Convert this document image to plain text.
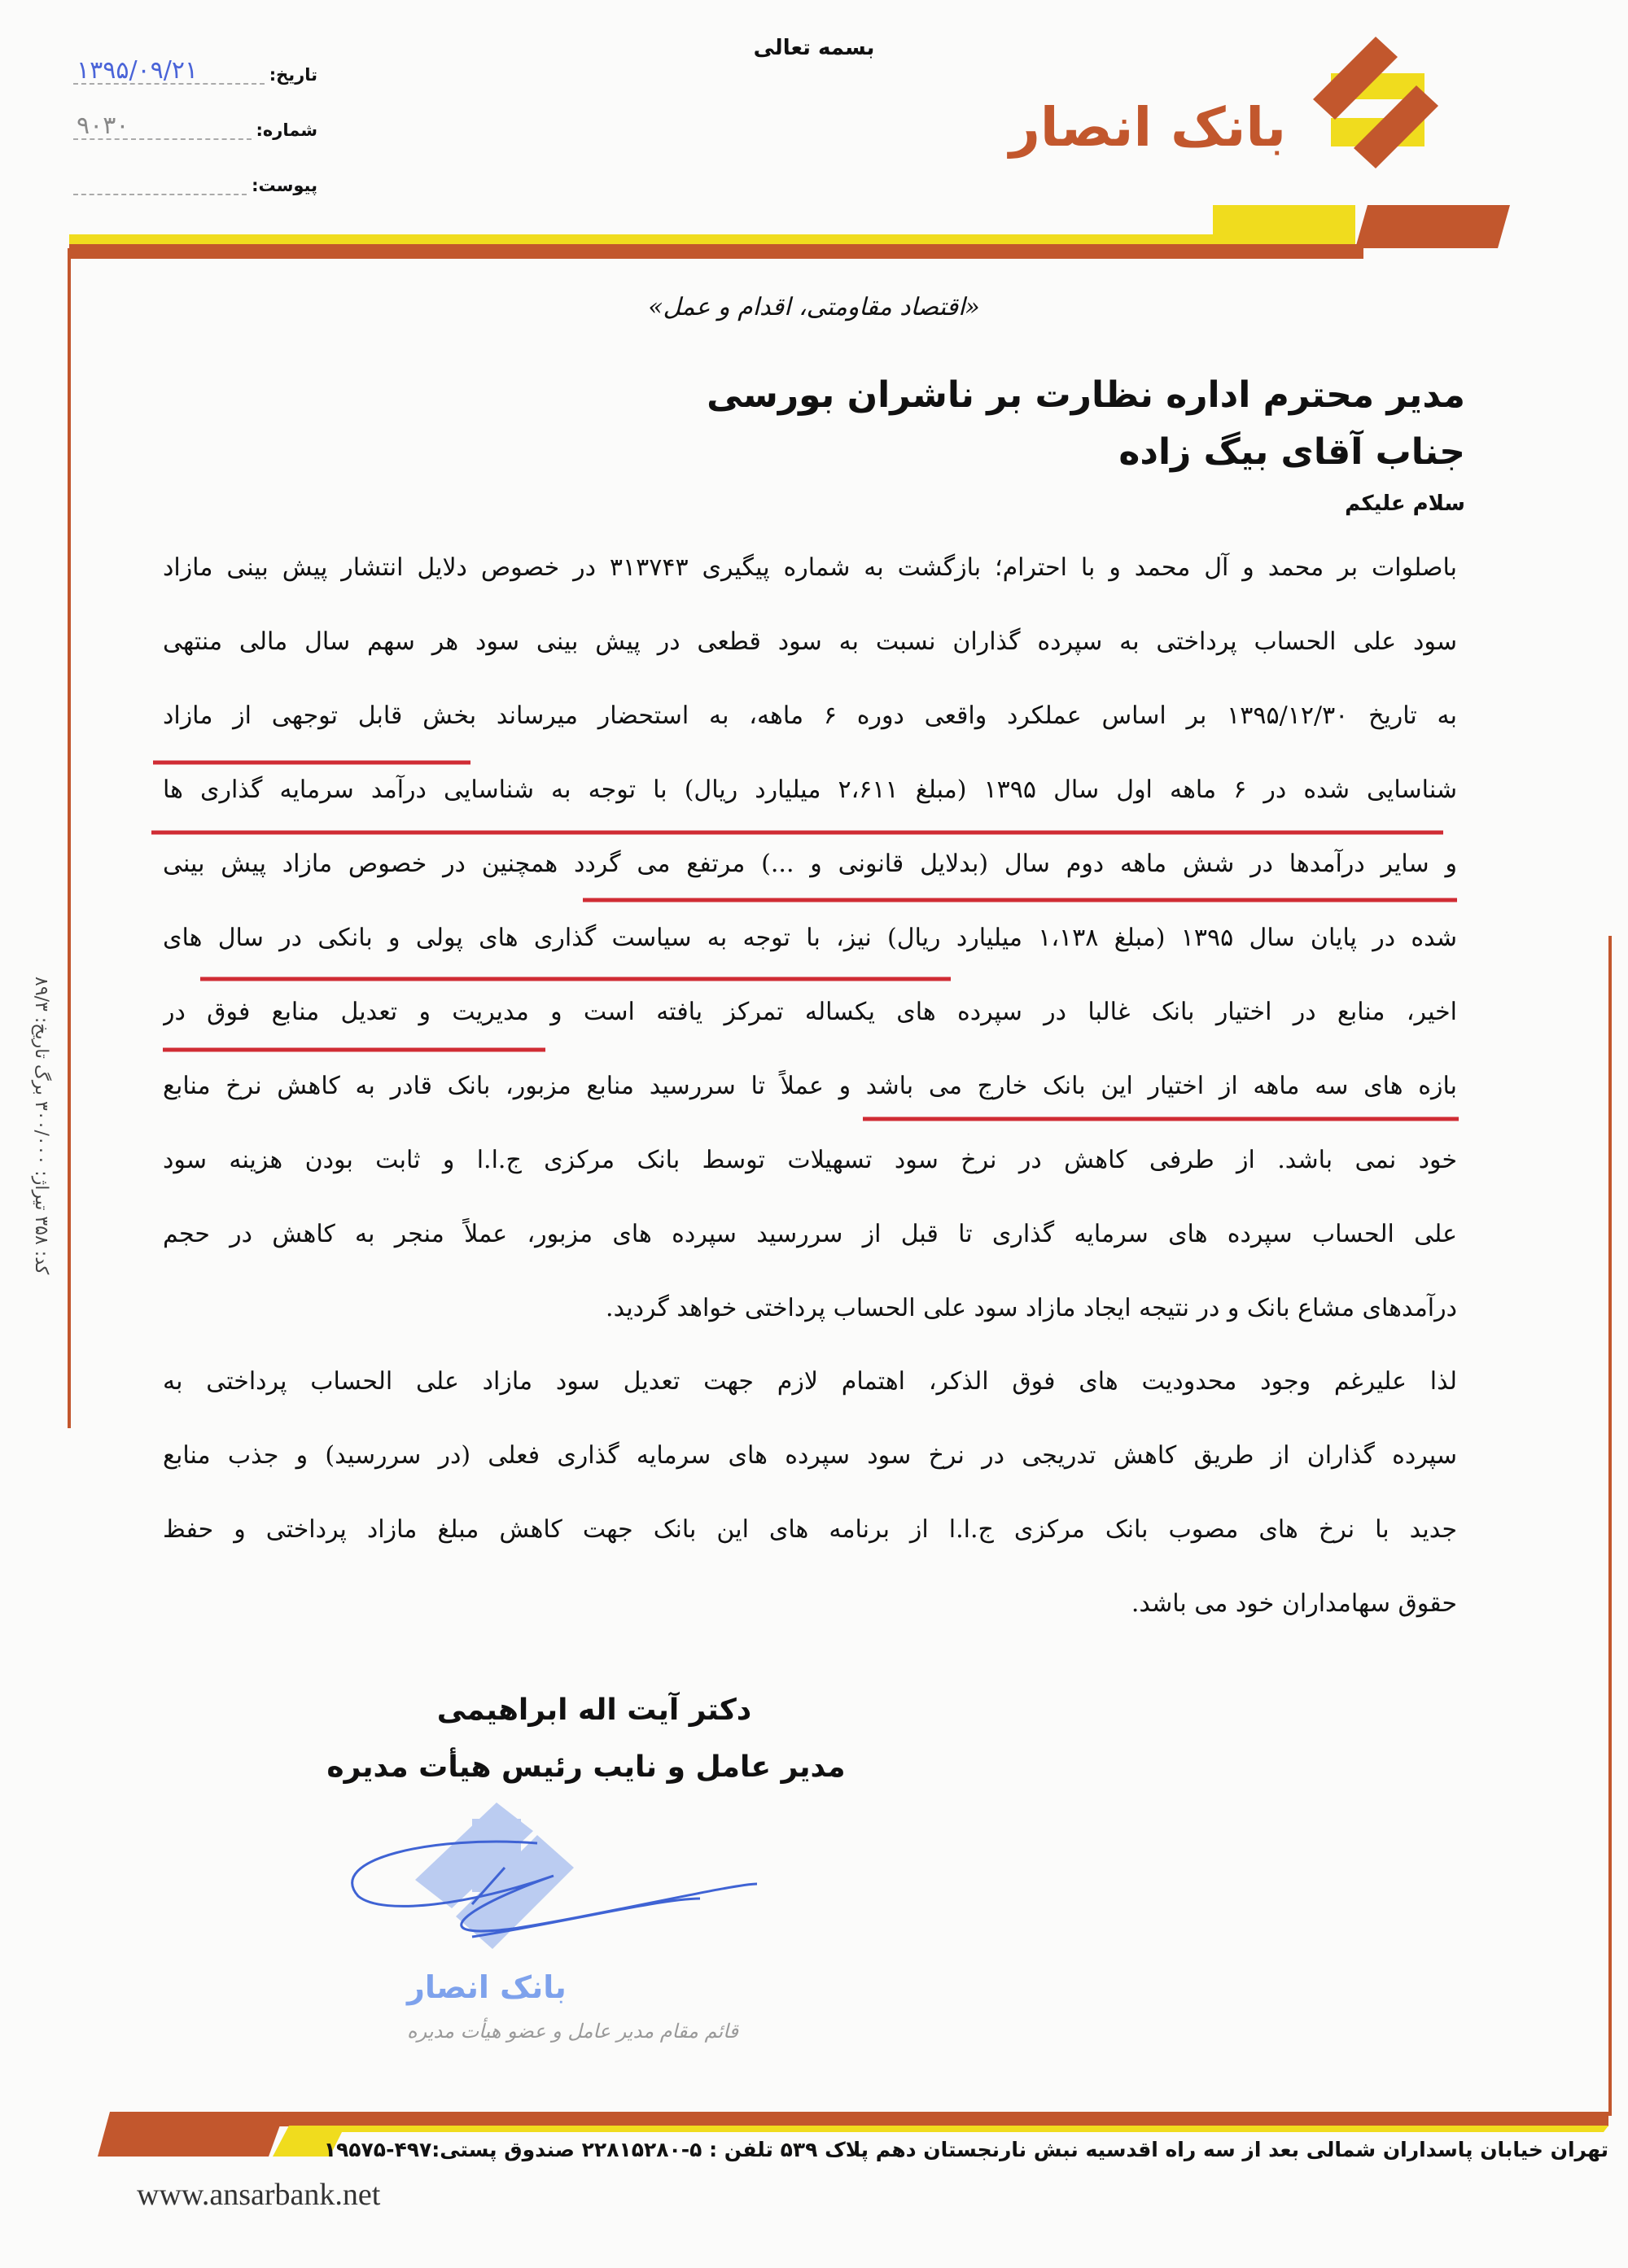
بسمه تعالی
بانک انصار
تاریخ:
۱۳۹۵/۰۹/۲۱
شماره:
۹۰۳۰
پیوست:
«اقتصاد مقاومتی، اقدام و عمل»
مدیر محترم اداره نظارت بر ناشران بورسی
جناب آقای بیگ زاده
سلام علیکم
باصلوات بر محمد و آل محمد و با احترام؛ بازگشت به شماره پیگیری ۳۱۳۷۴۳ در خصوص دلایل انتشار پیش بینی مازاد
سود علی الحساب پرداختی به سپرده گذاران نسبت به سود قطعی در پیش بینی سود هر سهم سال مالی منتهی
به تاریخ ۱۳۹۵/۱۲/۳۰ بر اساس عملکرد واقعی دوره ۶ ماهه، به استحضار میرساند بخش قابل توجهی از مازاد
شناسایی شده در ۶ ماهه اول سال ۱۳۹۵ (مبلغ ۲،۶۱۱ میلیارد ریال) با توجه به شناسایی درآمد سرمایه گذاری ها
و سایر درآمدها در شش ماهه دوم سال (بدلایل قانونی و ...) مرتفع می گردد همچنین در خصوص مازاد پیش بینی
شده در پایان سال ۱۳۹۵ (مبلغ ۱،۱۳۸ میلیارد ریال) نیز، با توجه به سیاست گذاری های پولی و بانکی در سال های
اخیر، منابع در اختیار بانک غالبا در سپرده های یکساله تمرکز یافته است و مدیریت و تعدیل منابع فوق در
بازه های سه ماهه از اختیار این بانک خارج می باشد و عملاً تا سررسید منابع مزبور، بانک قادر به کاهش نرخ منابع
خود نمی باشد. از طرفی کاهش در نرخ سود تسهیلات توسط بانک مرکزی ج.ا.ا و ثابت بودن هزینه سود
علی الحساب سپرده های سرمایه گذاری تا قبل از سررسید سپرده های مزبور، عملاً منجر به کاهش در حجم
درآمدهای مشاع بانک و در نتیجه ایجاد مازاد سود علی الحساب پرداختی خواهد گردید.
لذا علیرغم وجود محدودیت های فوق الذکر، اهتمام لازم جهت تعدیل سود مازاد علی الحساب پرداختی به
سپرده گذاران از طریق کاهش تدریجی در نرخ سود سپرده های سرمایه گذاری فعلی (در سررسید) و جذب منابع
جدید با نرخ های مصوب بانک مرکزی ج.ا.ا از برنامه های این بانک جهت کاهش مبلغ مازاد پرداختی و حفظ
حقوق سهامداران خود می باشد.
دکتر آیت اله ابراهیمی
مدیر عامل و نایب رئیس هیأت مدیره
بانک انصار
قائم مقام مدیر عامل و عضو هیأت مدیره
کد: ۳۵۸ تیراژ: ۳۰۰/۰۰۰ برگ تاریخ: ۸۹/۳
تهران خیابان پاسداران شمالی بعد از سه راه اقدسیه نبش نارنجستان دهم پلاک ۵۳۹ تلفن : ۵-۲۲۸۱۵۲۸۰ صندوق پستی:۴۹۷-۱۹۵۷۵
www.ansarbank.net
